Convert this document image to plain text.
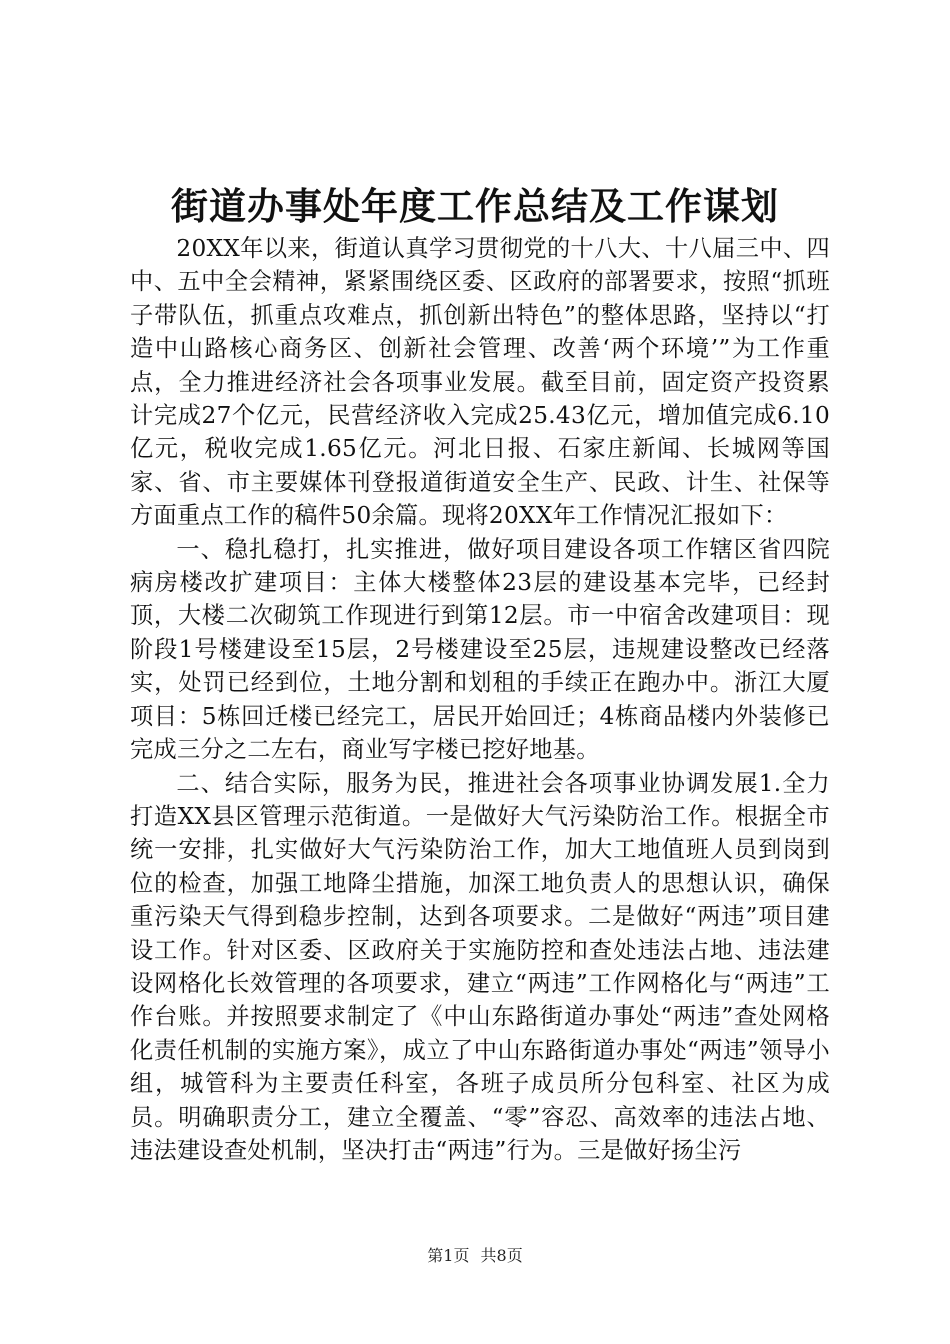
街道办事处年度工作总结及工作谋划

20XX年以来，街道认真学习贯彻党的十八大、十八届三中、四中、五中全会精神，紧紧围绕区委、区政府的部署要求，按照“抓班子带队伍，抓重点攻难点，抓创新出特色”的整体思路，坚持以“打造中山路核心商务区、创新社会管理、改善‘两个环境’”为工作重点，全力推进经济社会各项事业发展。截至目前，固定资产投资累计完成27个亿元，民营经济收入完成25.43亿元，增加值完成6.10亿元，税收完成1.65亿元。河北日报、石家庄新闻、长城网等国家、省、市主要媒体刊登报道街道安全生产、民政、计生、社保等方面重点工作的稿件50余篇。现将20XX年工作情况汇报如下：

一、稳扎稳打，扎实推进，做好项目建设各项工作辖区省四院病房楼改扩建项目：主体大楼整体23层的建设基本完毕，已经封顶，大楼二次砌筑工作现进行到第12层。市一中宿舍改建项目：现阶段1号楼建设至15层，2号楼建设至25层，违规建设整改已经落实，处罚已经到位，土地分割和划租的手续正在跑办中。浙江大厦项目：5栋回迁楼已经完工，居民开始回迁；4栋商品楼内外装修已完成三分之二左右，商业写字楼已挖好地基。

二、结合实际，服务为民，推进社会各项事业协调发展1.全力打造XX县区管理示范街道。一是做好大气污染防治工作。根据全市统一安排，扎实做好大气污染防治工作，加大工地值班人员到岗到位的检查，加强工地降尘措施，加深工地负责人的思想认识，确保重污染天气得到稳步控制，达到各项要求。二是做好“两违”项目建设工作。针对区委、区政府关于实施防控和查处违法占地、违法建设网格化长效管理的各项要求，建立“两违”工作网格化与“两违”工作台账。并按照要求制定了《中山东路街道办事处“两违”查处网格化责任机制的实施方案》，成立了中山东路街道办事处“两违”领导小组，城管科为主要责任科室，各班子成员所分包科室、社区为成员。明确职责分工，建立全覆盖、“零”容忍、高效率的违法占地、违法建设查处机制，坚决打击“两违”行为。三是做好扬尘污

第1页 共8页
